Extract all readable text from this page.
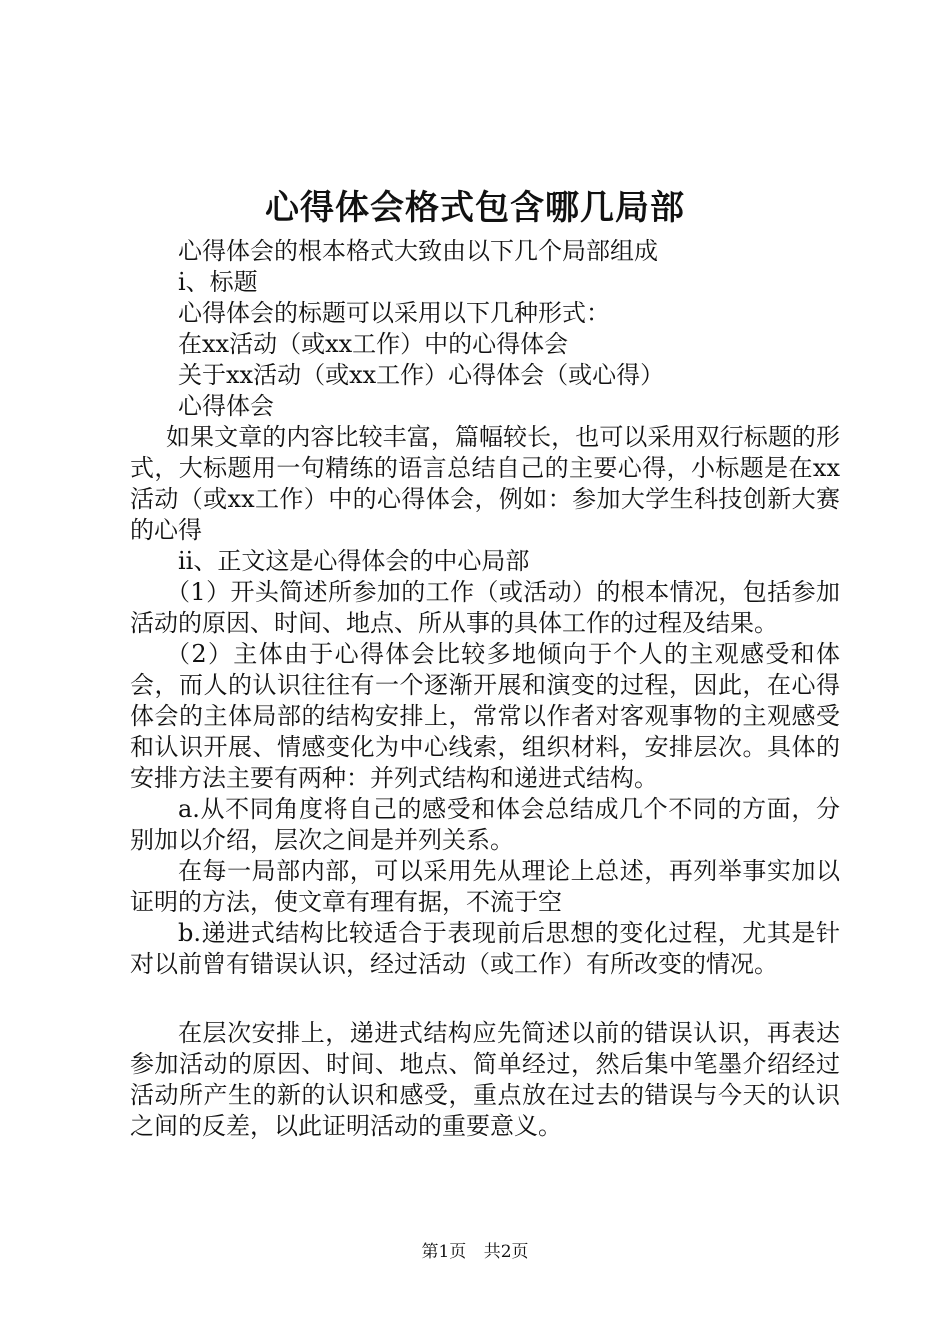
心得体会格式包含哪几局部

心得体会的根本格式大致由以下几个局部组成

i、标题

心得体会的标题可以采用以下几种形式：

在xx活动（或xx工作）中的心得体会

关于xx活动（或xx工作）心得体会（或心得）

心得体会

如果文章的内容比较丰富，篇幅较长，也可以采用双行标题的形式，大标题用一句精练的语言总结自己的主要心得，小标题是在xx活动（或xx工作）中的心得体会，例如：参加大学生科技创新大赛的心得

ii、正文这是心得体会的中心局部

（1）开头简述所参加的工作（或活动）的根本情况，包括参加活动的原因、时间、地点、所从事的具体工作的过程及结果。

（2）主体由于心得体会比较多地倾向于个人的主观感受和体会，而人的认识往往有一个逐渐开展和演变的过程，因此，在心得体会的主体局部的结构安排上，常常以作者对客观事物的主观感受和认识开展、情感变化为中心线索，组织材料，安排层次。具体的安排方法主要有两种：并列式结构和递进式结构。

a.从不同角度将自己的感受和体会总结成几个不同的方面，分别加以介绍，层次之间是并列关系。

在每一局部内部，可以采用先从理论上总述，再列举事实加以证明的方法，使文章有理有据，不流于空

b.递进式结构比较适合于表现前后思想的变化过程，尤其是针对以前曾有错误认识，经过活动（或工作）有所改变的情况。

在层次安排上，递进式结构应先简述以前的错误认识，再表达参加活动的原因、时间、地点、简单经过，然后集中笔墨介绍经过活动所产生的新的认识和感受，重点放在过去的错误与今天的认识之间的反差，以此证明活动的重要意义。

第1页 共2页
